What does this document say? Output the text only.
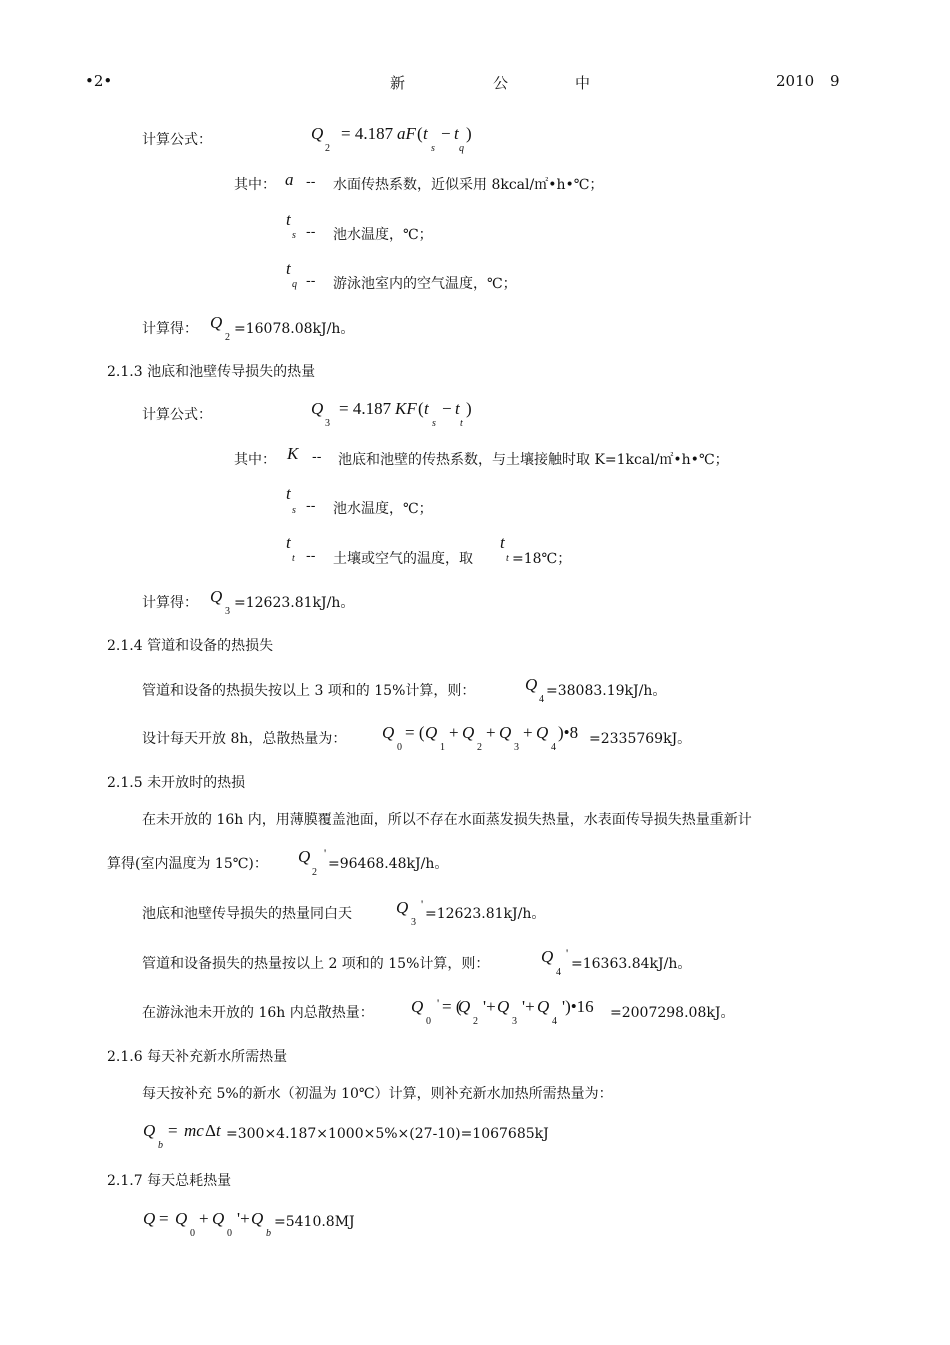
•2•	新	公	中	2010 9
计算公式：	Q
2
= 4.187 aF ( t
s
− t
q
)
其中： a -- 水面传热系数，近似采用 8kcal/㎡•h•℃；
t
s -- 池水温度，℃；
t
q -- 游泳池室内的空气温度，℃；
计算得： Q
2
=16078.08kJ/h。
2.1.3 池底和池壁传导损失的热量
计算公式：	Q
3
= 4.187 KF ( t
s
− t
t
)
其中： K -- 池底和池壁的传热系数，与土壤接触时取 K=1kcal/㎡•h•℃；
t
s -- 池水温度，℃；
t
t -- 土壤或空气的温度，取
t
t =18℃；
计算得： Q
3
=12623.81kJ/h。
2.1.4 管道和设备的热损失
管道和设备的热损失按以上 3 项和的 15%计算，则：	Q
4
=38083.19kJ/h。
设计每天开放 8h，总散热量为： Q
0
= ( Q
1
+ Q
2
+ Q
3
+ Q
4
)•8 =2335769kJ。
2.1.5 未开放时的热损
在未开放的 16h 内，用薄膜覆盖池面，所以不存在水面蒸发损失热量，水表面传导损失热量重新计
算得(室内温度为 15℃)： Q
2
'
=96468.48kJ/h。
池底和池壁传导损失的热量同白天	Q
3
'
=12623.81kJ/h。
管道和设备损失的热量按以上 2 项和的 15%计算，则：	Q
4
'
=16363.84kJ/h。
在游泳池未开放的 16h 内总散热量： Q
0
' = (
Q
2
'+ Q
3
'+ Q
4
')•16 =2007298.08kJ。
2.1.6 每天补充新水所需热量
每天按补充 5%的新水（初温为 10℃）计算，则补充新水加热所需热量为：
Q
b
= mc Δ t =300×4.187×1000×5%×(27-10)=1067685kJ
2.1.7 每天总耗热量
Q = Q
0
+ Q
0
'+ Q
b
=5410.8MJ
